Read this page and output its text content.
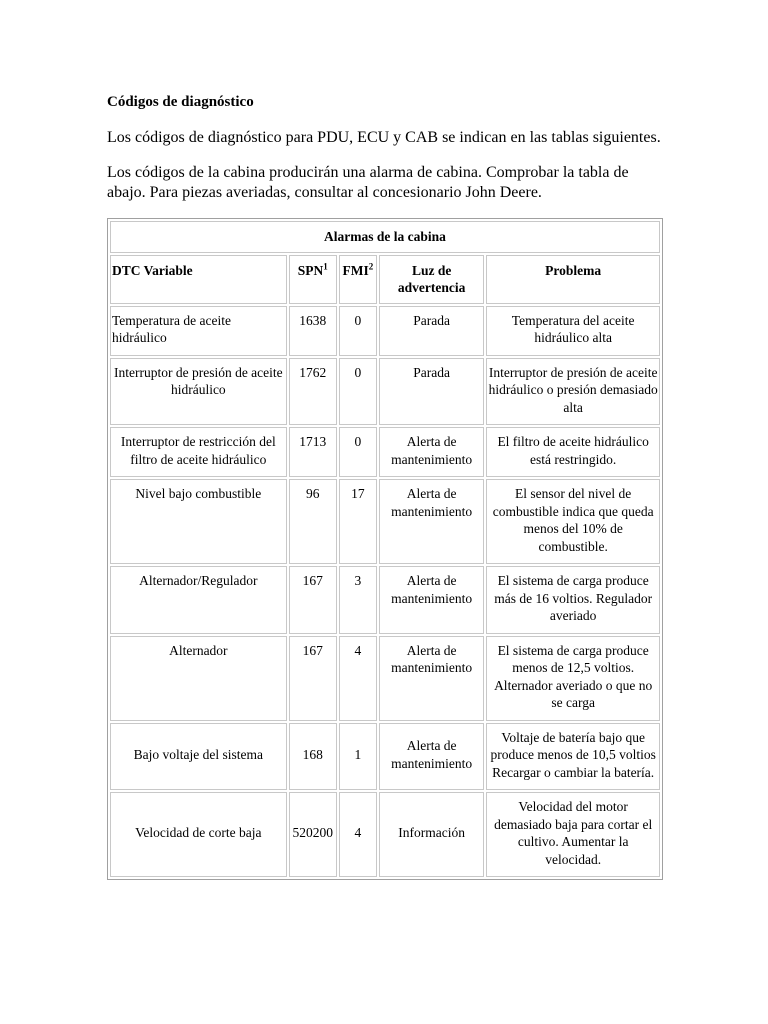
Códigos de diagnóstico

Los códigos de diagnóstico para PDU, ECU y CAB se indican en las tablas siguientes.

Los códigos de la cabina producirán una alarma de cabina. Comprobar la tabla de abajo. Para piezas averiadas, consultar al concesionario John Deere.

Alarmas de la cabina				
DTC Variable	SPN$^1$	FMI$^2$	Luz de advertencia	Problema
Temperatura de aceite hidráulico	1638	0	Parada	Temperatura del aceite hidráulico alta
Interruptor de presión de aceite hidráulico	1762	0	Parada	Interruptor de presión de aceite hidráulico o presión demasiado alta
Interruptor de restricción del filtro de aceite hidráulico	1713	0	Alerta de mantenimiento	El filtro de aceite hidráulico está restringido.
Nivel bajo combustible	96	17	Alerta de mantenimiento	El sensor del nivel de combustible indica que queda menos del 10% de combustible.
Alternador/Regulador	167	3	Alerta de mantenimiento	El sistema de carga produce más de 16 voltios. Regulador averiado
Alternador	167	4	Alerta de mantenimiento	El sistema de carga produce menos de 12,5 voltios. Alternador averiado o que no se carga
Bajo voltaje del sistema	168	1	Alerta de mantenimiento	Voltaje de batería bajo que produce menos de 10,5 voltios Recargar o cambiar la batería.
Velocidad de corte baja	520200	4	Información	Velocidad del motor demasiado baja para cortar el cultivo. Aumentar la velocidad.
